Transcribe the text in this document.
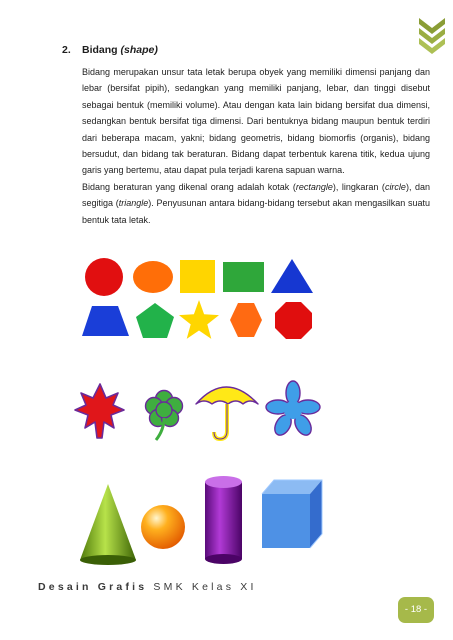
2. Bidang (shape)

Bidang merupakan unsur tata letak berupa obyek yang memiliki dimensi panjang dan lebar (bersifat pipih), sedangkan yang memiliki panjang, lebar, dan tinggi disebut sebagai bentuk (memiliki volume). Atau dengan kata lain bidang bersifat dua dimensi, sedangkan bentuk bersifat tiga dimensi. Dari bentuknya bidang maupun bentuk terdiri dari beberapa macam, yakni; bidang geometris, bidang biomorfis (organis), bidang bersudut, dan bidang tak beraturan. Bidang dapat terbentuk karena titik, kedua ujung garis yang bertemu, atau dapat pula terjadi karena sapuan warna.

Bidang beraturan yang dikenal orang adalah kotak (rectangle), lingkaran (circle), dan segitiga (triangle). Penyusunan antara bidang-bidang tersebut akan mengasilkan suatu bentuk tata letak.

Desain Grafis SMK Kelas XI
- 18 -
